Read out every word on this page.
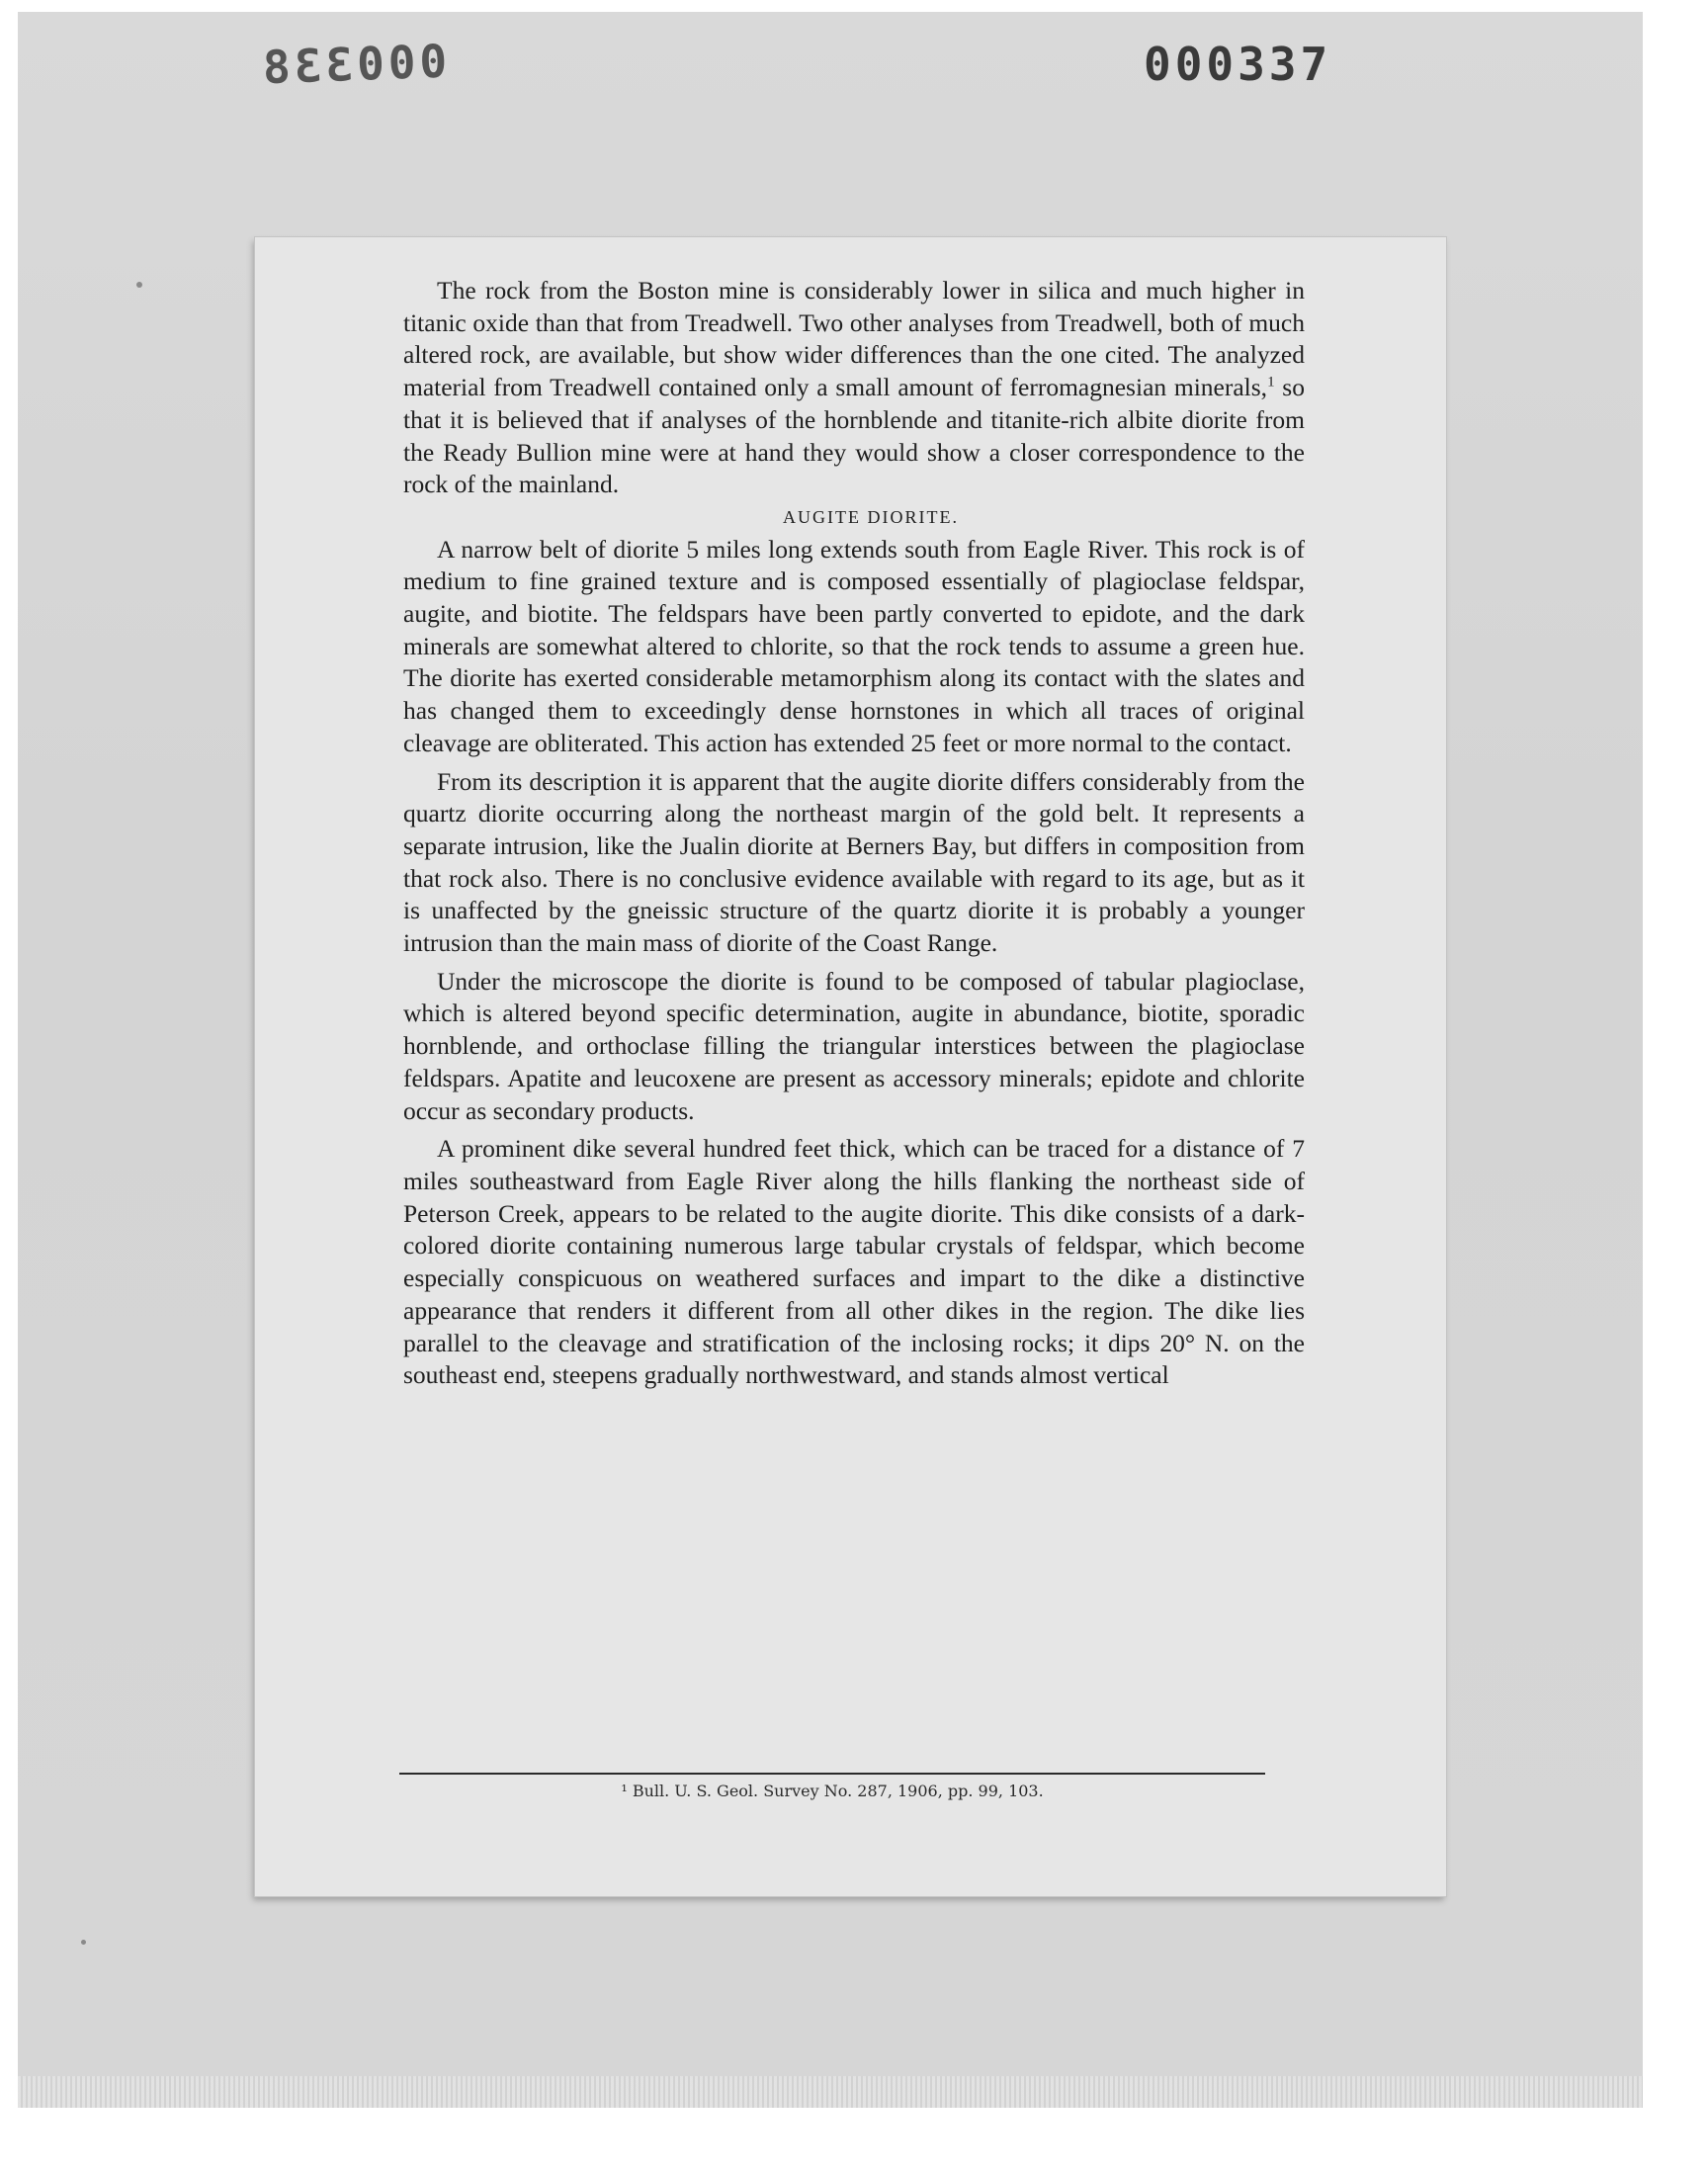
000338	000337

The rock from the Boston mine is considerably lower in silica and much higher in titanic oxide than that from Treadwell. Two other analyses from Treadwell, both of much altered rock, are available, but show wider differences than the one cited. The analyzed material from Treadwell contained only a small amount of ferromagnesian minerals,$^1$ so that it is believed that if analyses of the hornblende and titanite-rich albite diorite from the Ready Bullion mine were at hand they would show a closer correspondence to the rock of the mainland.

AUGITE DIORITE.

A narrow belt of diorite 5 miles long extends south from Eagle River. This rock is of medium to fine grained texture and is composed essentially of plagioclase feldspar, augite, and biotite. The feldspars have been partly converted to epidote, and the dark minerals are somewhat altered to chlorite, so that the rock tends to assume a green hue. The diorite has exerted considerable metamorphism along its contact with the slates and has changed them to exceedingly dense hornstones in which all traces of original cleavage are obliterated. This action has extended 25 feet or more normal to the contact.

From its description it is apparent that the augite diorite differs considerably from the quartz diorite occurring along the northeast margin of the gold belt. It represents a separate intrusion, like the Jualin diorite at Berners Bay, but differs in composition from that rock also. There is no conclusive evidence available with regard to its age, but as it is unaffected by the gneissic structure of the quartz diorite it is probably a younger intrusion than the main mass of diorite of the Coast Range.

Under the microscope the diorite is found to be composed of tabular plagioclase, which is altered beyond specific determination, augite in abundance, biotite, sporadic hornblende, and orthoclase filling the triangular interstices between the plagioclase feldspars. Apatite and leucoxene are present as accessory minerals; epidote and chlorite occur as secondary products.

A prominent dike several hundred feet thick, which can be traced for a distance of 7 miles southeastward from Eagle River along the hills flanking the northeast side of Peterson Creek, appears to be related to the augite diorite. This dike consists of a dark-colored diorite containing numerous large tabular crystals of feldspar, which become especially conspicuous on weathered surfaces and impart to the dike a distinctive appearance that renders it different from all other dikes in the region. The dike lies parallel to the cleavage and stratification of the inclosing rocks; it dips 20° N. on the southeast end, steepens gradually northwestward, and stands almost vertical

¹ Bull. U. S. Geol. Survey No. 287, 1906, pp. 99, 103.
